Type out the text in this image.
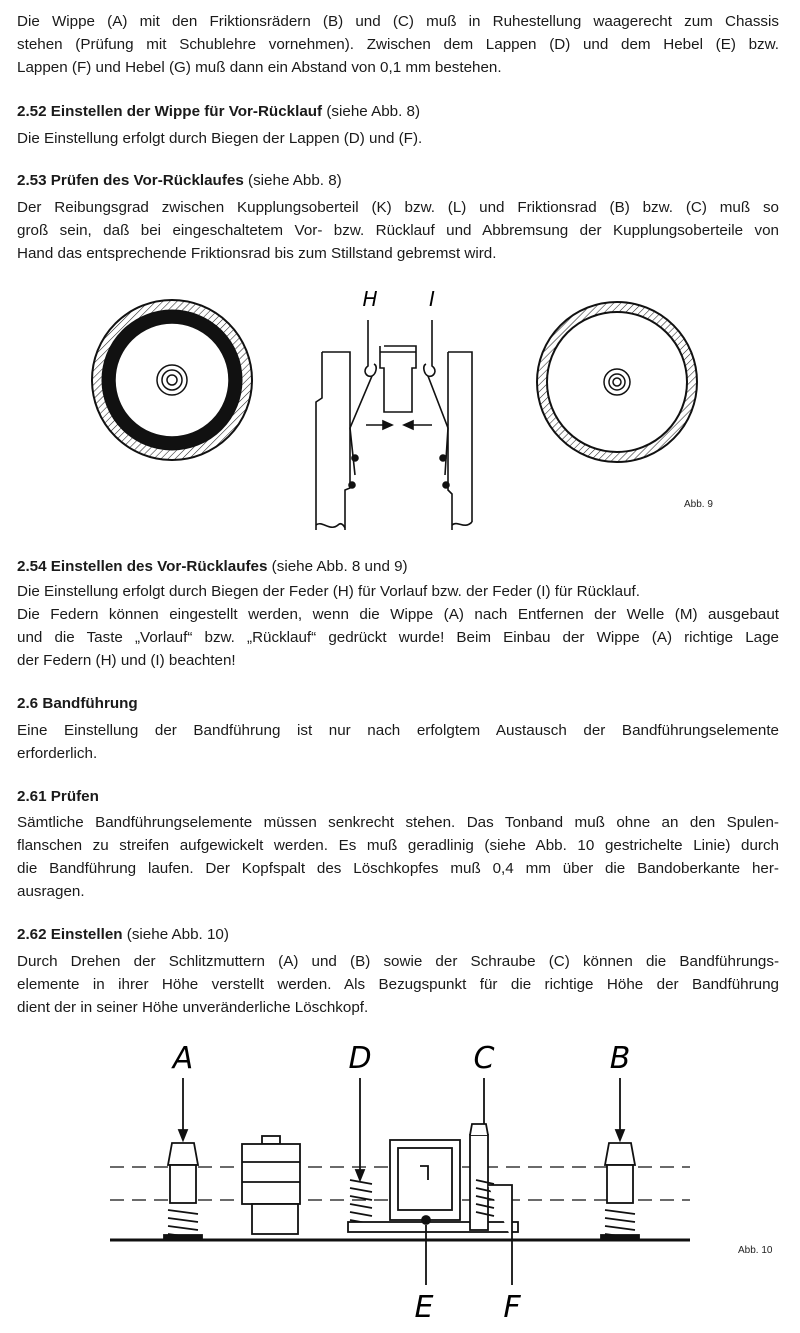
Die Wippe (A) mit den Friktionsrädern (B) und (C) muß in Ruhestellung waagerecht zum Chassis
stehen (Prüfung mit Schublehre vornehmen). Zwischen dem Lappen (D) und dem Hebel (E) bzw.
Lappen (F) und Hebel (G) muß dann ein Abstand von 0,1 mm bestehen.
2.52 Einstellen der Wippe für Vor-Rücklauf (siehe Abb. 8)
Die Einstellung erfolgt durch Biegen der Lappen (D) und (F).
2.53 Prüfen des Vor-Rücklaufes (siehe Abb. 8)
Der Reibungsgrad zwischen Kupplungsoberteil (K) bzw. (L) und Friktionsrad (B) bzw. (C) muß so
groß sein, daß bei eingeschaltetem Vor- bzw. Rücklauf und Abbremsung der Kupplungsoberteile von
Hand das entsprechende Friktionsrad bis zum Stillstand gebremst wird.
H	I
Abb. 9
2.54 Einstellen des Vor-Rücklaufes (siehe Abb. 8 und 9)
Die Einstellung erfolgt durch Biegen der Feder (H) für Vorlauf bzw. der Feder (I) für Rücklauf.
Die Federn können eingestellt werden, wenn die Wippe (A) nach Entfernen der Welle (M) ausgebaut
und die Taste „Vorlauf“ bzw. „Rücklauf“ gedrückt wurde! Beim Einbau der Wippe (A) richtige Lage
der Federn (H) und (I) beachten!
2.6 Bandführung
Eine Einstellung der Bandführung ist nur nach erfolgtem Austausch der Bandführungselemente
erforderlich.
2.61 Prüfen
Sämtliche Bandführungselemente müssen senkrecht stehen. Das Tonband muß ohne an den Spulen-
flanschen zu streifen aufgewickelt werden. Es muß geradlinig (siehe Abb. 10 gestrichelte Linie) durch
die Bandführung laufen. Der Kopfspalt des Löschkopfes muß 0,4 mm über die Bandoberkante her-
ausragen.
2.62 Einstellen (siehe Abb. 10)
Durch Drehen der Schlitzmuttern (A) und (B) sowie der Schraube (C) können die Bandführungs-
elemente in ihrer Höhe verstellt werden. Als Bezugspunkt für die richtige Höhe der Bandführung
dient der in seiner Höhe unveränderliche Löschkopf.
A	D	C	B
E F
Abb. 10
